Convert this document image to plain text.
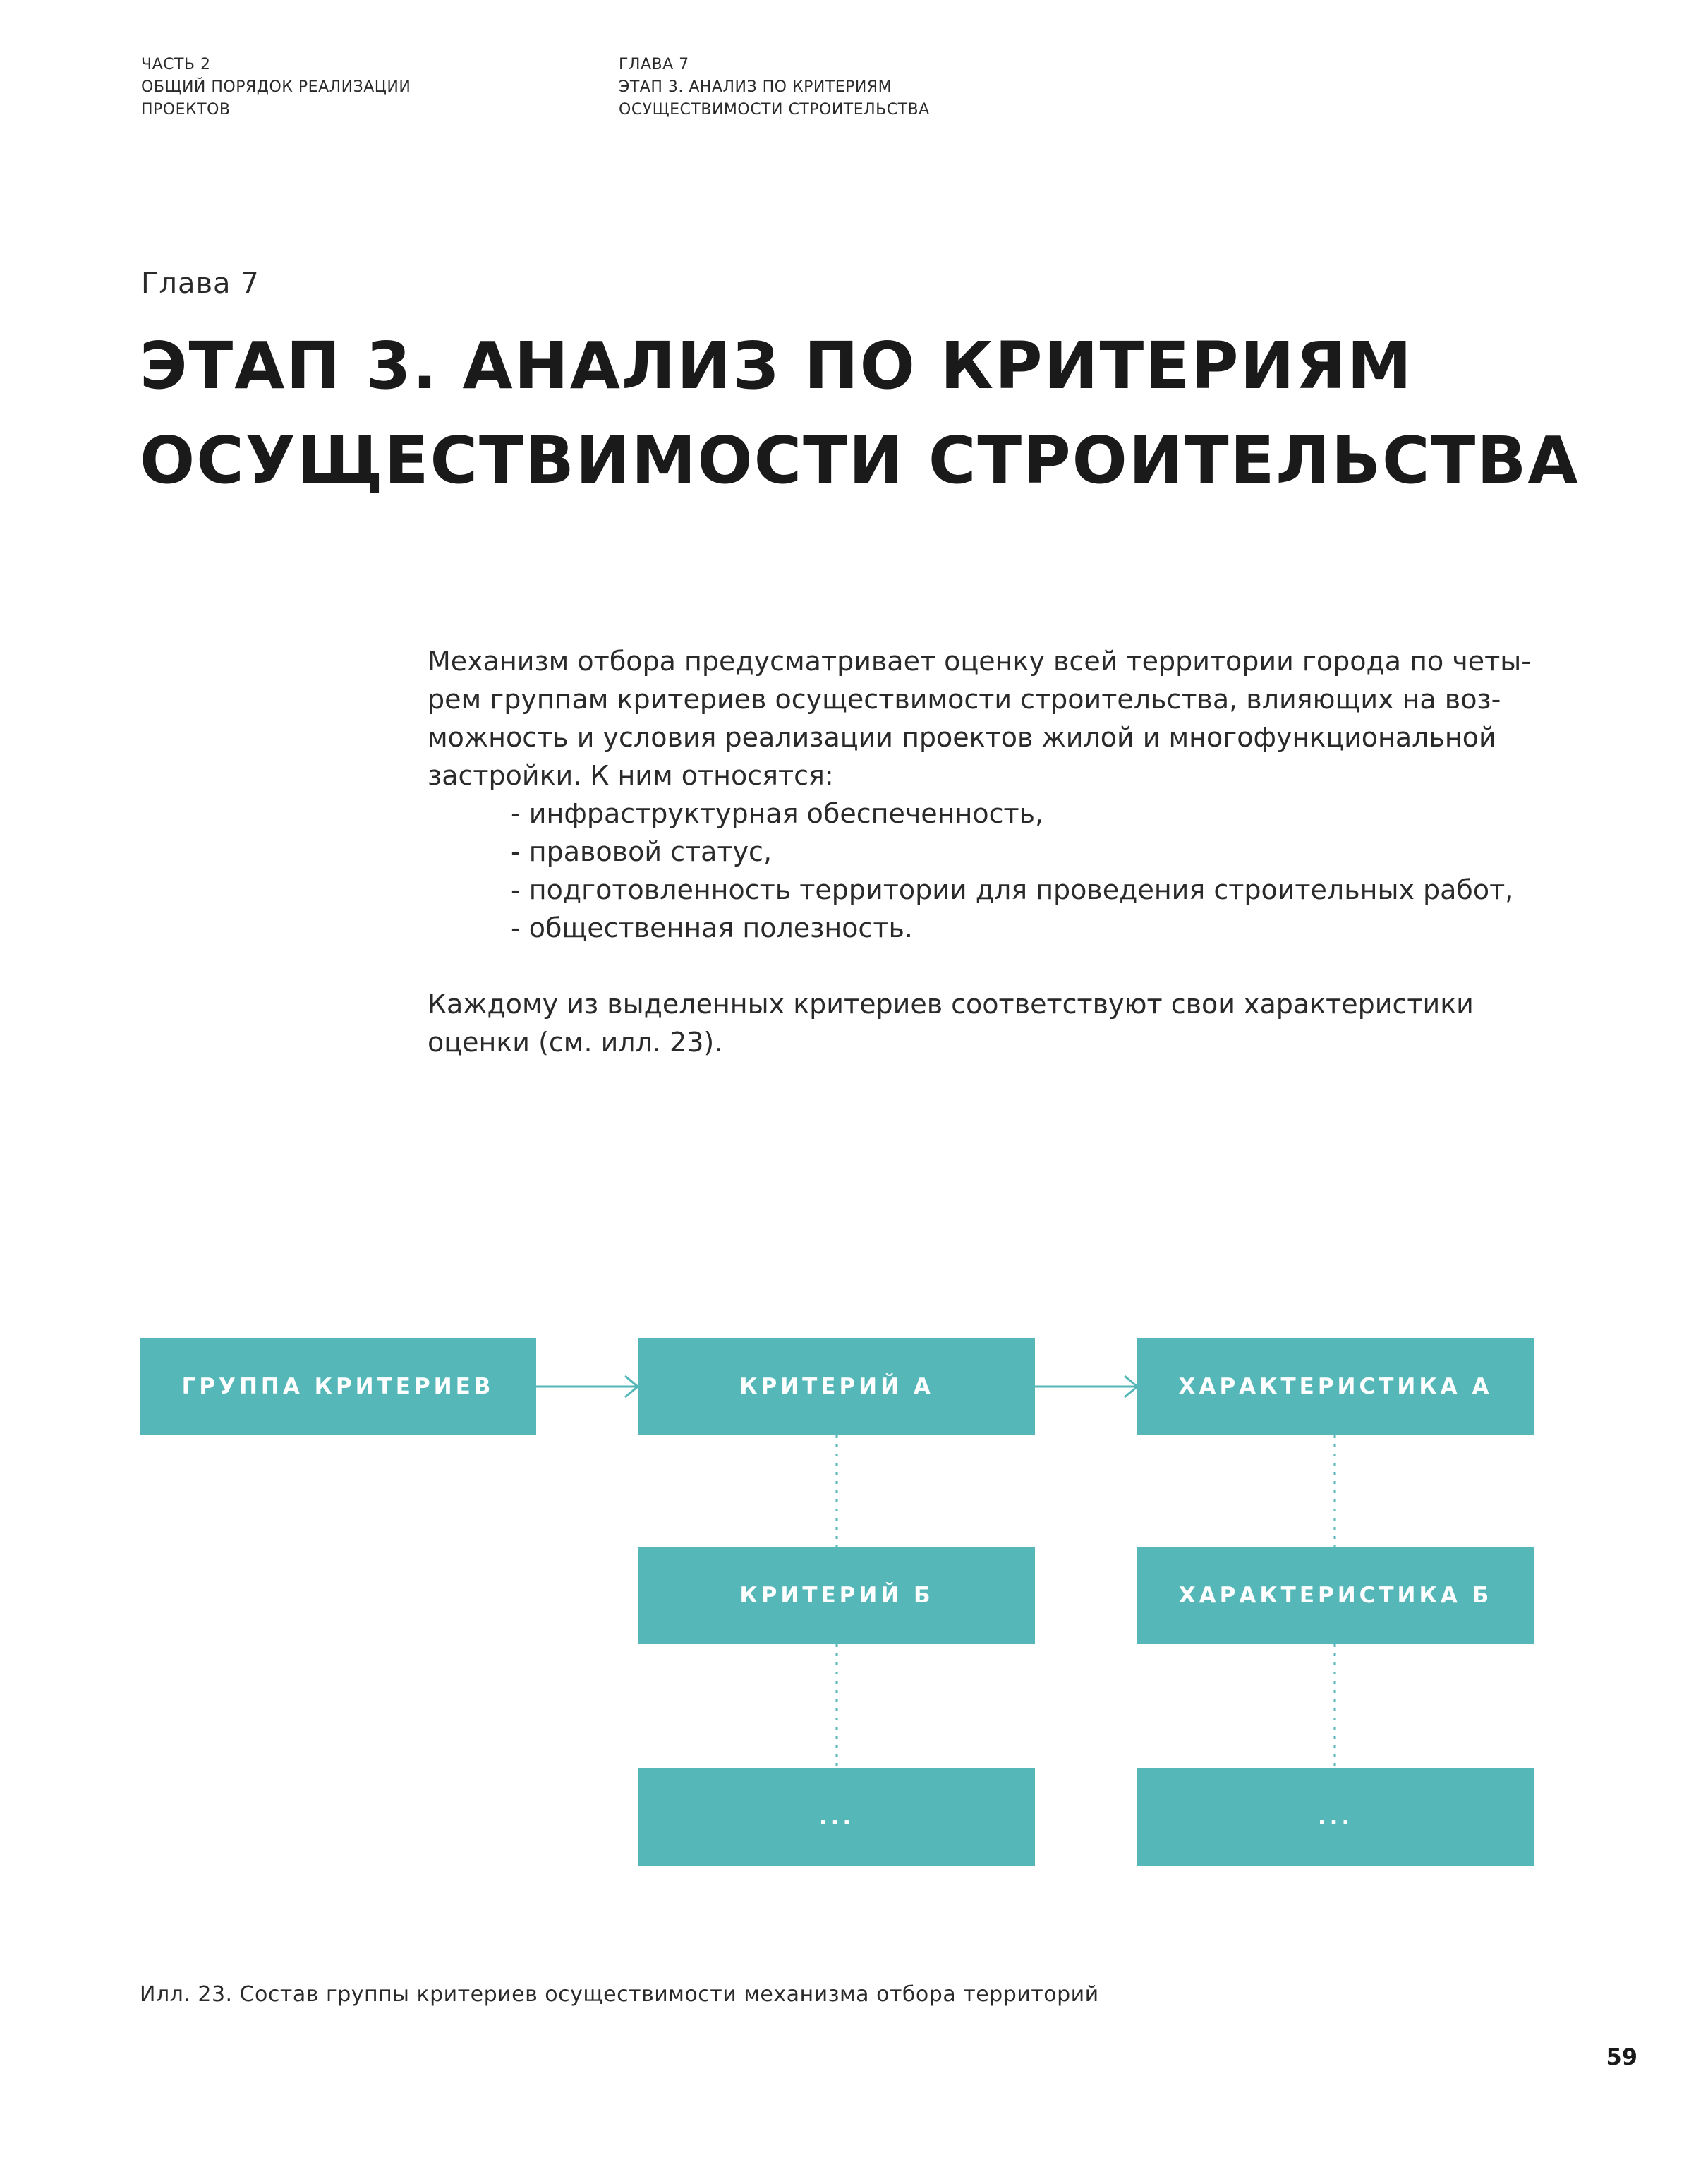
ЧАСТЬ 2
ОБЩИЙ ПОРЯДОК РЕАЛИЗАЦИИ
ПРОЕКТОВ
ГЛАВА 7
ЭТАП 3. АНАЛИЗ ПО КРИТЕРИЯМ
ОСУЩЕСТВИМОСТИ СТРОИТЕЛЬСТВА
Глава 7
ЭТАП 3. АНАЛИЗ ПО КРИТЕРИЯМ
ОСУЩЕСТВИМОСТИ СТРОИТЕЛЬСТВА

Механизм отбора предусматривает оценку всей территории города по четы-

рем группам критериев осуществимости строительства, влияющих на воз-

можность и условия реализации проектов жилой и многофункциональной

застройки. К ним относятся:

- инфраструктурная обеспеченность,
- правовой статус,
- подготовленность территории для проведения строительных работ,
- общественная полезность.

Каждому из выделенных критериев соответствуют свои характеристики

оценки (см. илл. 23).

ГРУППА КРИТЕРИЕВ	КРИТЕРИЙ А	ХАРАКТЕРИСТИКА А
КРИТЕРИЙ Б	ХАРАКТЕРИСТИКА Б
...	...
Илл. 23. Состав группы критериев осуществимости механизма отбора территорий
59
